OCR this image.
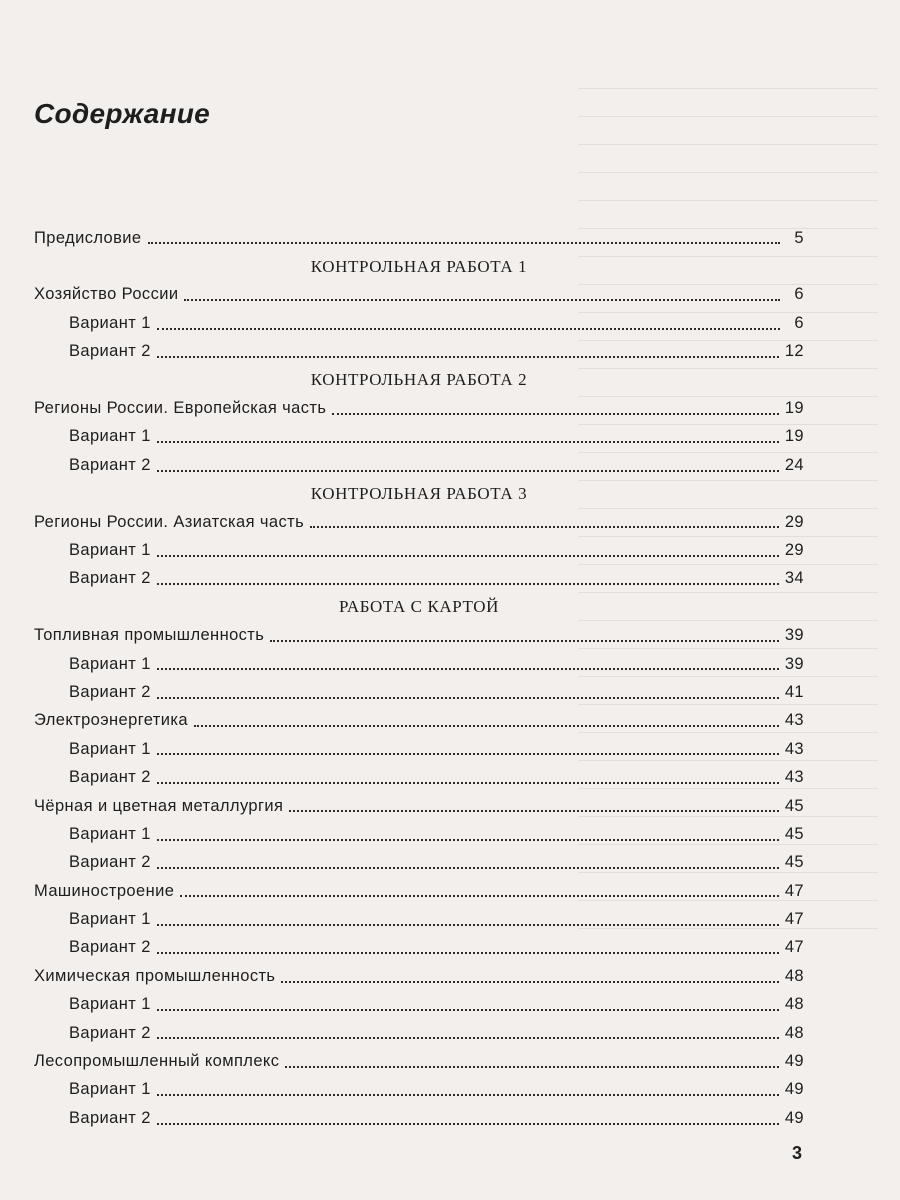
Содержание
Предисловие	5
КОНТРОЛЬНАЯ РАБОТА 1
Хозяйство России	6
Вариант 1	6
Вариант 2	12
КОНТРОЛЬНАЯ РАБОТА 2
Регионы России. Европейская часть	19
Вариант 1	19
Вариант 2	24
КОНТРОЛЬНАЯ РАБОТА 3
Регионы России. Азиатская часть	29
Вариант 1	29
Вариант 2	34
РАБОТА С КАРТОЙ
Топливная промышленность	39
Вариант 1	39
Вариант 2	41
Электроэнергетика	43
Вариант 1	43
Вариант 2	43
Чёрная и цветная металлургия	45
Вариант 1	45
Вариант 2	45
Машиностроение	47
Вариант 1	47
Вариант 2	47
Химическая промышленность	48
Вариант 1	48
Вариант 2	48
Лесопромышленный комплекс	49
Вариант 1	49
Вариант 2	49
3
